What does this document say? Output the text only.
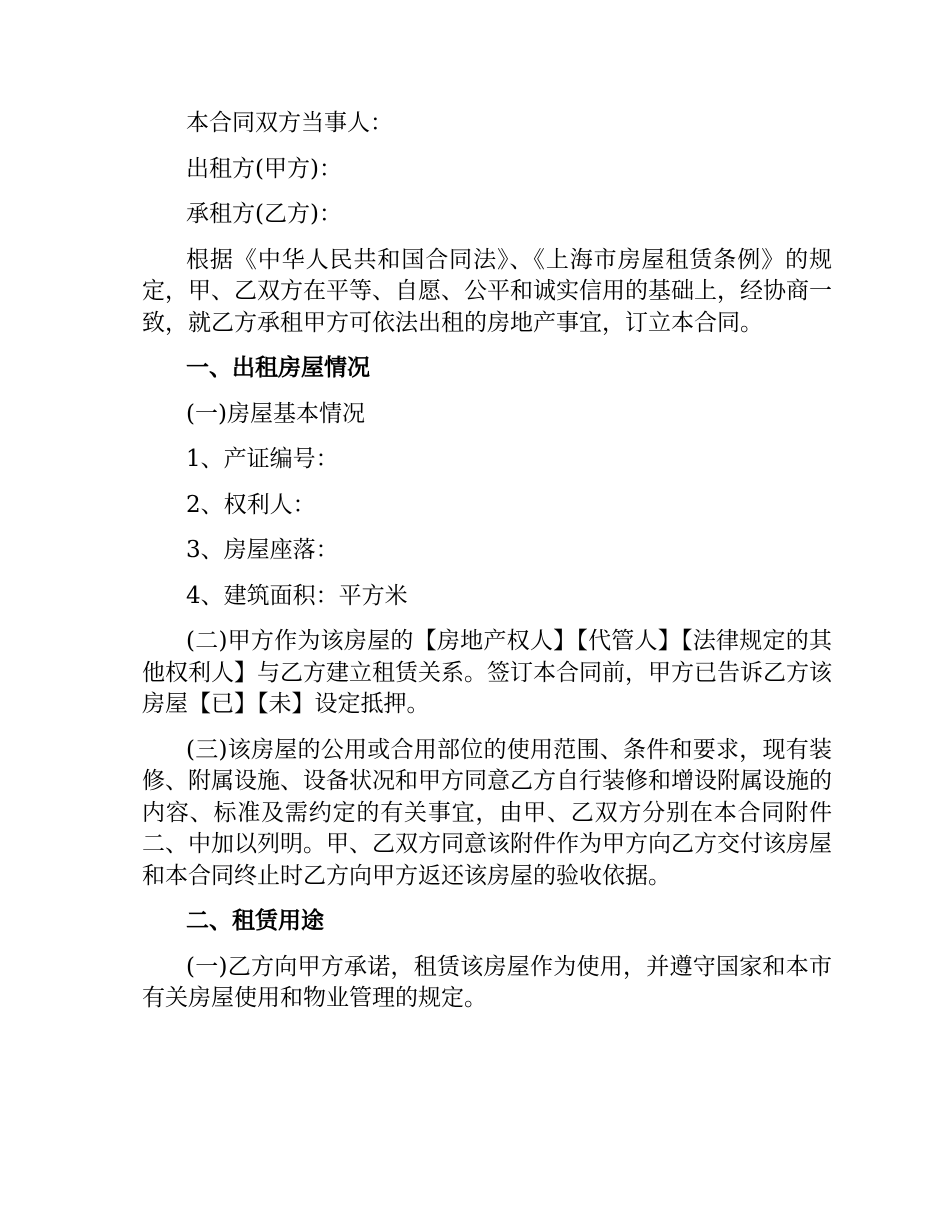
本合同双方当事人：

出租方(甲方)：

承租方(乙方)：

根据《中华人民共和国合同法》、《上海市房屋租赁条例》的规定，甲、乙双方在平等、自愿、公平和诚实信用的基础上，经协商一致，就乙方承租甲方可依法出租的房地产事宜，订立本合同。

一、出租房屋情况

(一)房屋基本情况

1、产证编号：

2、权利人：

3、房屋座落：

4、建筑面积：平方米

(二)甲方作为该房屋的【房地产权人】【代管人】【法律规定的其他权利人】与乙方建立租赁关系。签订本合同前，甲方已告诉乙方该房屋【已】【未】设定抵押。

(三)该房屋的公用或合用部位的使用范围、条件和要求，现有装修、附属设施、设备状况和甲方同意乙方自行装修和增设附属设施的内容、标准及需约定的有关事宜，由甲、乙双方分别在本合同附件二、中加以列明。甲、乙双方同意该附件作为甲方向乙方交付该房屋和本合同终止时乙方向甲方返还该房屋的验收依据。

二、租赁用途

(一)乙方向甲方承诺，租赁该房屋作为使用，并遵守国家和本市有关房屋使用和物业管理的规定。
